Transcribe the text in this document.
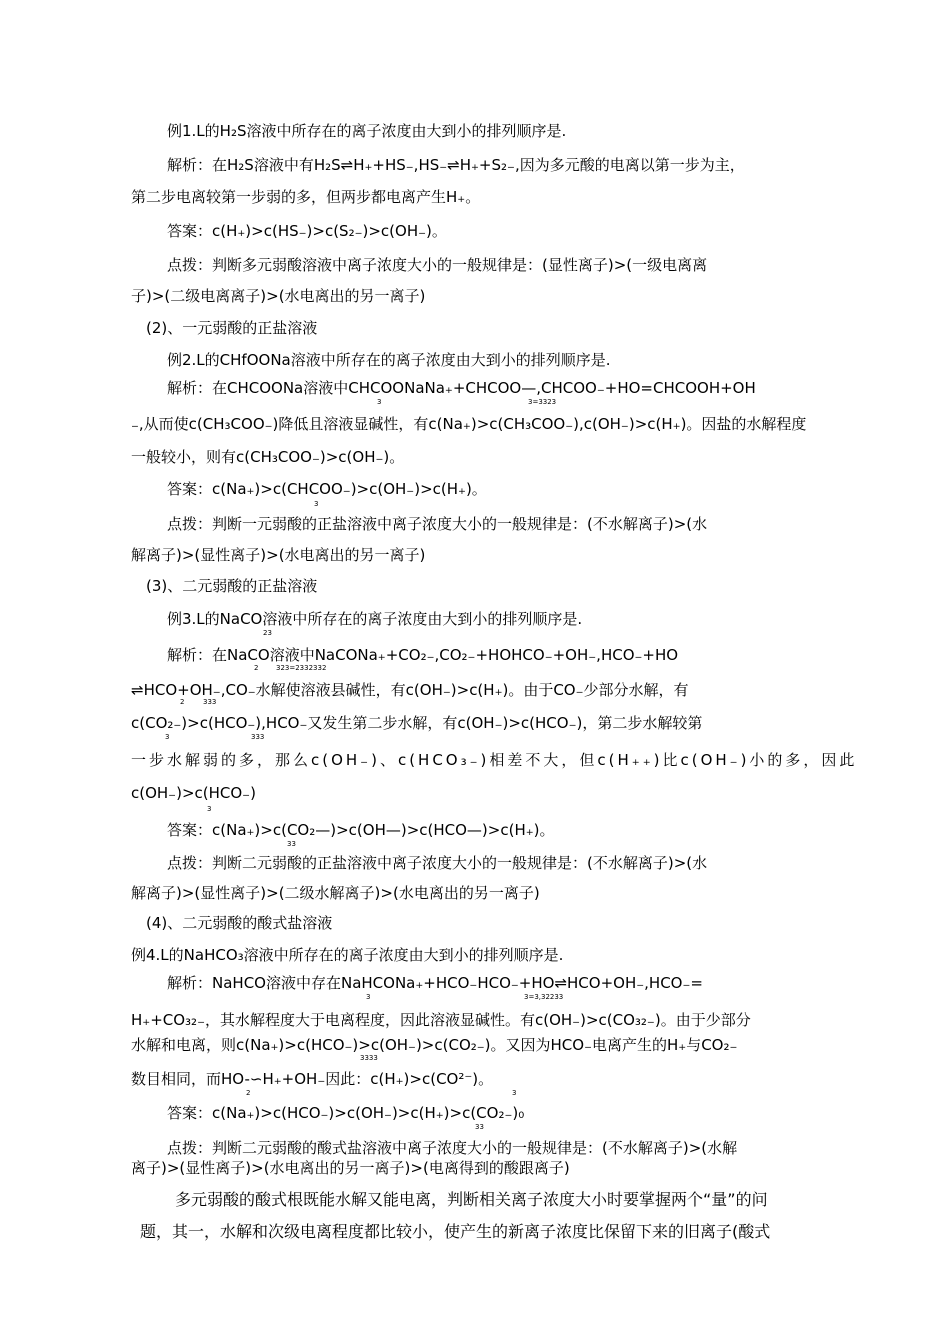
例1.L的H₂S溶液中所存在的离子浓度由大到小的排列顺序是.
解析：在H₂S溶液中有H₂S⇌H₊+HS₋,HS₋⇌H₊+S₂₋,因为多元酸的电离以第一步为主，
第二步电离较第一步弱的多，但两步都电离产生H₊。
答案：c(H₊)>c(HS₋)>c(S₂₋)>c(OH₋)。
点拨：判断多元弱酸溶液中离子浓度大小的一般规律是：(显性离子)>(一级电离离
子)>(二级电离离子)>(水电离出的另一离子)
(2)、一元弱酸的正盐溶液
例2.L的CHfOONa溶液中所存在的离子浓度由大到小的排列顺序是.
解析：在CHCOONa溶液中CHCOONaNa₊+CHCOO—,CHCOO₋+HO=CHCOOH+OH
3	3=3323
₋,从而使c(CH₃COO₋)降低且溶液显碱性，有c(Na₊)>c(CH₃COO₋),c(OH₋)>c(H₊)。因盐的水解程度
一般较小，则有c(CH₃COO₋)>c(OH₋)。
答案：c(Na₊)>c(CHCOO₋)>c(OH₋)>c(H₊)。
3
点拨：判断一元弱酸的正盐溶液中离子浓度大小的一般规律是：(不水解离子)>(水
解离子)>(显性离子)>(水电离出的另一离子)
(3)、二元弱酸的正盐溶液
例3.L的NaCO溶液中所存在的离子浓度由大到小的排列顺序是.
23
解析：在NaCO溶液中NaCONa₊+CO₂₋,CO₂₋+HOHCO₋+OH₋,HCO₋+HO
2	323=2332332
⇌HCO+OH₋,CO₋水解使溶液县碱性，有c(OH₋)>c(H₊)。由于CO₋少部分水解，有
2	333
c(CO₂₋)>c(HCO₋),HCO₋又发生第二步水解，有c(OH₋)>c(HCO₋)，第二步水解较第
3	333
一步水解弱的多，那么c(OH₋)、c(HCO₃₋)相差不大，但c(H₊₊)比c(OH₋)小的多，因此
c(OH₋)>c(HCO₋)
3
答案：c(Na₊)>c(CO₂—)>c(OH—)>c(HCO—)>c(H₊)。
33
点拨：判断二元弱酸的正盐溶液中离子浓度大小的一般规律是：(不水解离子)>(水
解离子)>(显性离子)>(二级水解离子)>(水电离出的另一离子)
(4)、二元弱酸的酸式盐溶液
例4.L的NaHCO₃溶液中所存在的离子浓度由大到小的排列顺序是.
解析：NaHCO溶液中存在NaHCONa₊+HCO₋HCO₋+HO⇌HCO+OH₋,HCO₋=
3	3=3,32233
H₊+CO₃₂₋，其水解程度大于电离程度，因此溶液显碱性。有c(OH₋)>c(CO₃₂₋)。由于少部分
水解和电离，则c(Na₊)>c(HCO₋)>c(OH₋)>c(CO₂₋)。又因为HCO₋电离产生的H₊与CO₂₋
3333
数目相同，而HO-∽H₊+OH₋因此：c(H₊)>c(CO²⁻)。
2	3
答案：c(Na₊)>c(HCO₋)>c(OH₋)>c(H₊)>c(CO₂₋)₀
33
点拨：判断二元弱酸的酸式盐溶液中离子浓度大小的一般规律是：(不水解离子)>(水解
离子)>(显性离子)>(水电离出的另一离子)>(电离得到的酸跟离子)
多元弱酸的酸式根既能水解又能电离，判断相关离子浓度大小时要掌握两个“量”的问
题，其一，水解和次级电离程度都比较小，使产生的新离子浓度比保留下来的旧离子(酸式
